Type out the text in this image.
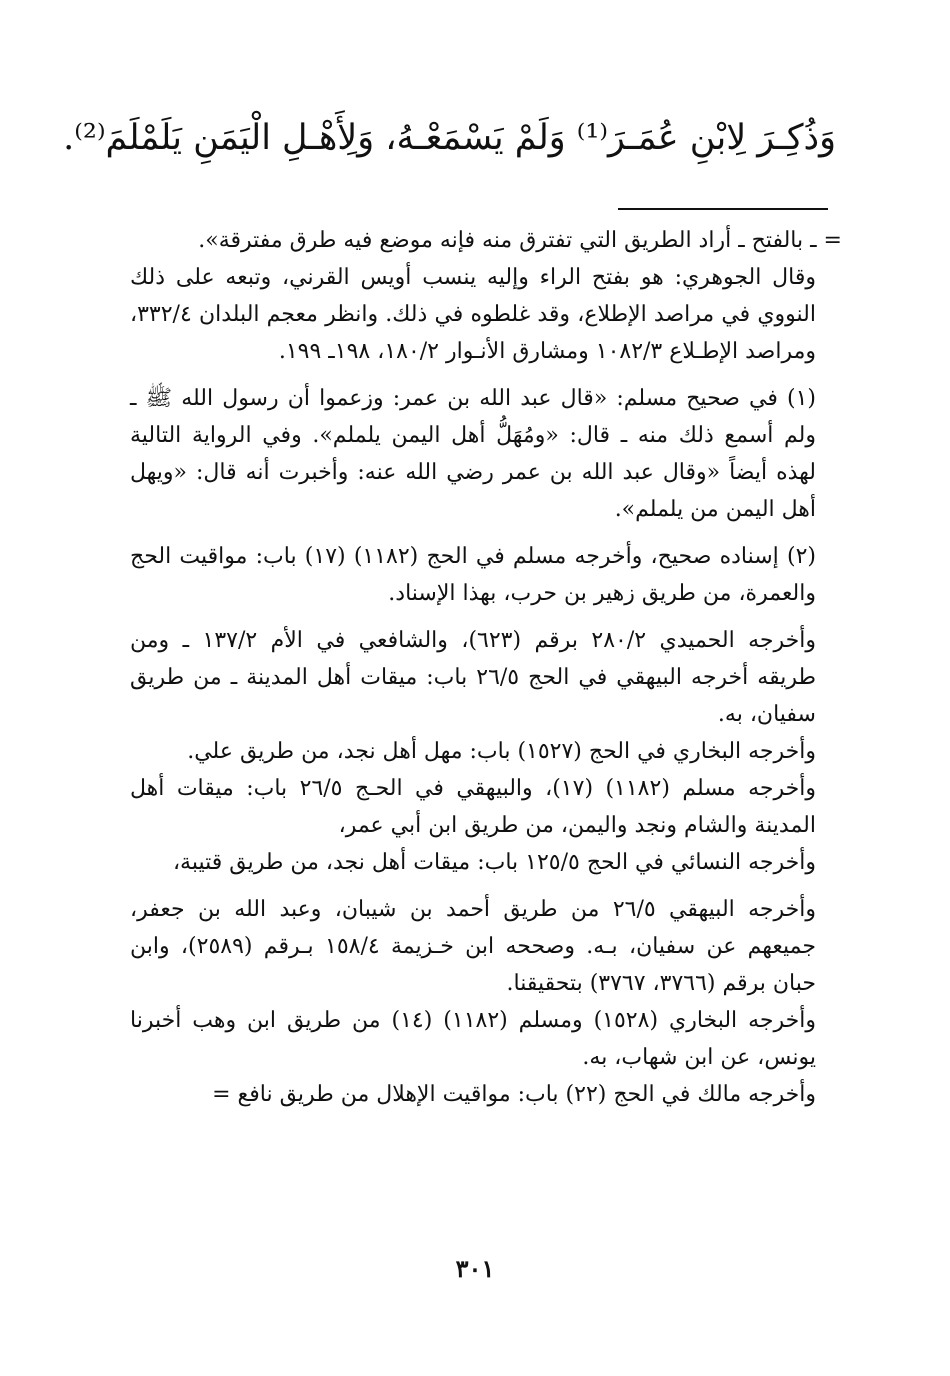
وَذُكِـرَ لِابْنِ عُمَـرَ⁽¹⁾ وَلَمْ يَسْمَعْـهُ، وَلِأَهْـلِ الْيَمَنِ يَلَمْلَمَ⁽²⁾.

= ـ بالفتح ـ أراد الطريق التي تفترق منه فإنه موضع فيه طرق مفترقة».

وقال الجوهري: هو بفتح الراء وإليه ينسب أويس القرني، وتبعه على ذلك النووي في مراصد الإطلاع، وقد غلطوه في ذلك. وانظر معجم البلدان ٣٣٢/٤، ومراصد الإطـلاع ١٠٨٢/٣ ومشارق الأنـوار ١٨٠/٢، ١٩٨ـ ١٩٩.

(١) في صحيح مسلم: «قال عبد الله بن عمر: وزعموا أن رسول الله ﷺ ـ ولم أسمع ذلك منه ـ قال: «ومُهَلُّ أهل اليمن يلملم». وفي الرواية التالية لهذه أيضاً «وقال عبد الله بن عمر رضي الله عنه: وأخبرت أنه قال: «ويهل أهل اليمن من يلملم».

(٢) إسناده صحيح، وأخرجه مسلم في الحج (١١٨٢) (١٧) باب: مواقيت الحج والعمرة، من طريق زهير بن حرب، بهذا الإسناد.

وأخرجه الحميدي ٢٨٠/٢ برقم (٦٢٣)، والشافعي في الأم ١٣٧/٢ ـ ومن طريقه أخرجه البيهقي في الحج ٢٦/٥ باب: ميقات أهل المدينة ـ من طريق سفيان، به.

وأخرجه البخاري في الحج (١٥٢٧) باب: مهل أهل نجد، من طريق علي.

وأخرجه مسلم (١١٨٢) (١٧)، والبيهقي في الحـج ٢٦/٥ باب: ميقات أهل المدينة والشام ونجد واليمن، من طريق ابن أبي عمر،

وأخرجه النسائي في الحج ١٢٥/٥ باب: ميقات أهل نجد، من طريق قتيبة،

وأخرجه البيهقي ٢٦/٥ من طريق أحمد بن شيبان، وعبد الله بن جعفر، جميعهم عن سفيان، بـه. وصححه ابن خـزيمة ١٥٨/٤ بـرقم (٢٥٨٩)، وابن حبان برقم (٣٧٦٦، ٣٧٦٧) بتحقيقنا.

وأخرجه البخاري (١٥٢٨) ومسلم (١١٨٢) (١٤) من طريق ابن وهب أخبرنا يونس، عن ابن شهاب، به.

وأخرجه مالك في الحج (٢٢) باب: مواقيت الإهلال من طريق نافع =

٣٠١
